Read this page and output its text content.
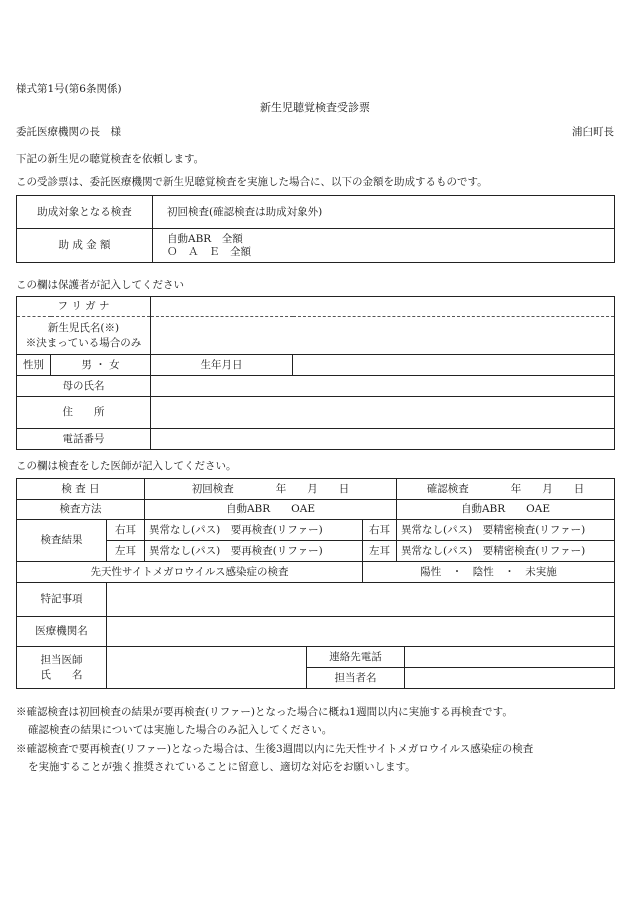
様式第1号(第6条関係)
新生児聴覚検査受診票
委託医療機関の長　様	浦臼町長
下記の新生児の聴覚検査を依頼します。
この受診票は、委託医療機関で新生児聴覚検査を実施した場合に、以下の金額を助成するものです。
助成対象となる検査	初回検査(確認検査は助成対象外)
助 成 金 額	自動ABR　全額
Ｏ　Ａ　Ｅ　全額
この欄は保護者が記入してください
フ リ ガ ナ			

新生児氏名(※)
※決まっている場合のみ			

性別	男 ・ 女	生年月日	
母の氏名			
住　　所			
電話番号			
この欄は検査をした医師が記入してください。
検 査 日		初回検査　　　　年　　月　　日		確認検査　　　　年　　月　　日
検査方法		自動ABR　　OAE		自動ABR　　OAE
検査結果	右耳	異常なし(パス)　要再検査(リファー)	右耳	異常なし(パス)　要精密検査(リファー)
	左耳	異常なし(パス)　要再検査(リファー)	左耳	異常なし(パス)　要精密検査(リファー)
先天性サイトメガロウイルス感染症の検査			陽性　・　陰性　・　未実施	
特記事項			
医療機関名			

担当医師
氏　　名		連絡先電話	
		担当者名	
※確認検査は初回検査の結果が要再検査(リファー)となった場合に概ね1週間以内に実施する再検査です。
確認検査の結果については実施した場合のみ記入してください。
※確認検査で要再検査(リファー)となった場合は、生後3週間以内に先天性サイトメガロウイルス感染症の検査
を実施することが強く推奨されていることに留意し、適切な対応をお願いします。
